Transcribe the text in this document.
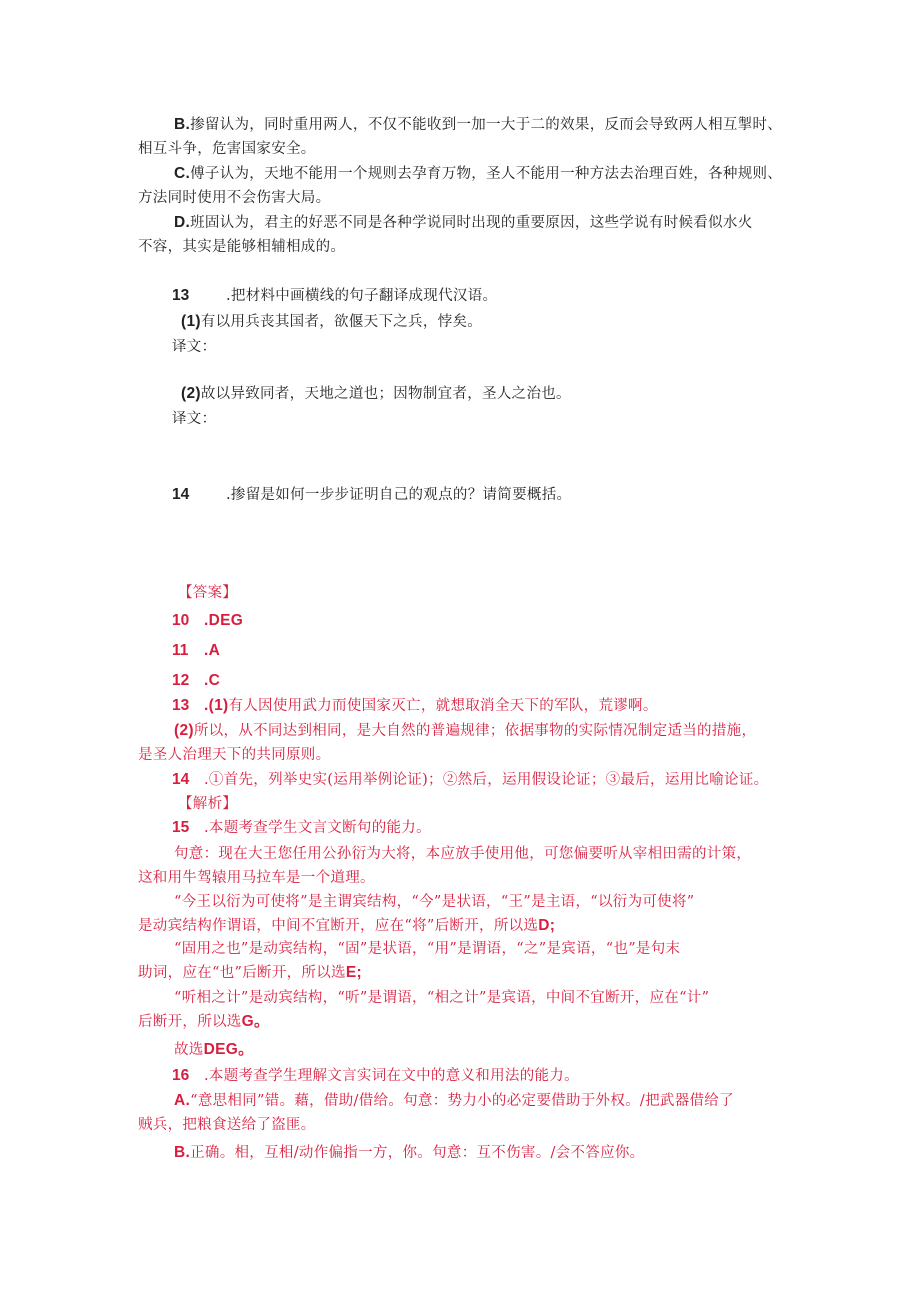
B.掺留认为，同时重用两人，不仅不能收到一加一大于二的效果，反而会导致两人相互掣时、
相互斗争，危害国家安全。
C.傅子认为，天地不能用一个规则去孕育万物，圣人不能用一种方法去治理百姓，各种规则、
方法同时使用不会伤害大局。
D.班固认为，君主的好恶不同是各种学说同时出现的重要原因，这些学说有时候看似水火
不容，其实是能够相辅相成的。
13	.把材料中画横线的句子翻译成现代汉语。
(1)有以用兵丧其国者，欲偃天下之兵，悖矣。
译文：
(2)故以异致同者，天地之道也；因物制宜者，圣人之治也。
译文：
14	.掺留是如何一步步证明自己的观点的？请简要概括。
【答案】
10 .DEG
11 .A
12 .C
13 .(1)有人因使用武力而使国家灭亡，就想取消全天下的军队，荒谬啊。
(2)所以，从不同达到相同，是大自然的普遍规律；依据事物的实际情况制定适当的措施，
是圣人治理天下的共同原则。
14 .①首先，列举史实(运用举例论证)；②然后，运用假设论证；③最后，运用比喻论证。
【解析】
15 .本题考查学生文言文断句的能力。
句意：现在大王您任用公孙衍为大将，本应放手使用他，可您偏要听从宰相田需的计策，
这和用牛驾辕用马拉车是一个道理。
“今王以衍为可使将”是主谓宾结构，“今”是状语，“王”是主语，“以衍为可使将”
是动宾结构作谓语，中间不宜断开，应在“将”后断开，所以选D;
“固用之也”是动宾结构，“固”是状语，“用”是谓语，“之”是宾语，“也”是句末
助词，应在“也”后断开，所以选E;
“听相之计”是动宾结构，“听”是谓语，“相之计”是宾语，中间不宜断开，应在“计”
后断开，所以选G。
故选DEG。
16 .本题考查学生理解文言实词在文中的意义和用法的能力。
A.“意思相同”错。藉，借助/借给。句意：势力小的必定要借助于外权。/把武器借给了
贼兵，把粮食送给了盗匪。
B.正确。相，互相/动作偏指一方，你。句意：互不伤害。/会不答应你。
